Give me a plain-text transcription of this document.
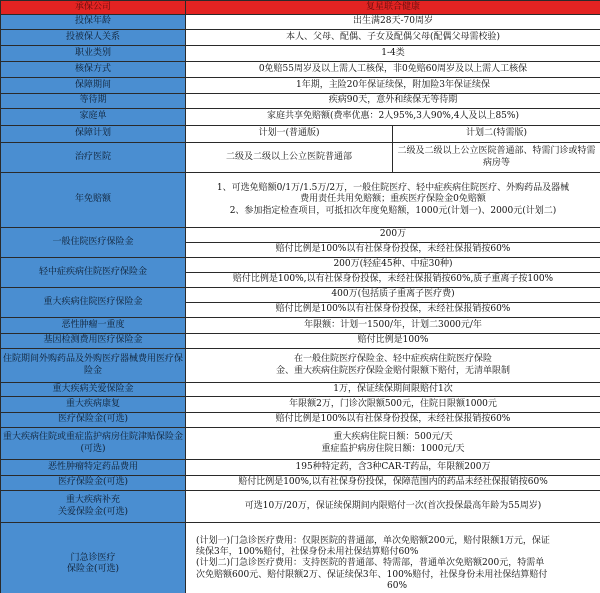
承保公司	复星联合健康	
投保年龄	出生满28天-70周岁	
投被保人关系	本人、父母、配偶、子女及配偶父母(配偶父母需校验)	
职业类别	1-4类	
核保方式	0免赔55周岁及以上需人工核保，非0免赔60周岁及以上需人工核保	
保障期间	1年期，主险20年保证续保，附加险3年保证续保	
等待期	疾病90天，意外和续保无等待期	
家庭单	家庭共享免赔额(费率优惠：2人95%,3人90%,4人及以上85%)	
保障计划	计划一(普通版)	计划二(特需版)
治疗医院	二级及二级以上公立医院普通部	二级及二级以上公立医院普通部、特需门诊或特需病房等
年免赔额	1、可选免赔额0/1万/1.5万/2万，一般住院医疗、轻中症疾病住院医疗、外购药品及器械
费用责任共用免赔额；重疾医疗保险金0免赔额
2、参加指定检查项目，可抵扣次年度免赔额，1000元(计划一)、2000元(计划二)	

一般住院医疗保险金	200万	
	赔付比例是100%以有社保身份投保，未经社保报销按60%	
轻中症疾病住院医疗保险金	200万(轻症45种、中症30种)	
	赔付比例是100%,以有社保身份投保，未经社保报销按60%,质子重离子按100%	
重大疾病住院医疗保险金	400万(包括质子重离子医疗费)	
	赔付比例是100%以有社保身份投保，未经社保报销按60%	
恶性肿瘤一重度	年限额：计划一1500/年，计划二3000元/年	
基因检测费用医疗保险金	赔付比例是100%	
住院期间外购药品及外购医疗器械费用医疗保险金	在一般住院医疗保险金、轻中症疾病住院医疗保险
金、重大疾病住院医疗保险金赔付限额下赔付，无清单限制	

重大疾病关爱保险金	1万，保证续保期间限赔付1次	
重大疾病康复	年限额2万，门诊次限额500元，住院日限额1000元	
医疗保险金(可选)	赔付比例是100%以有社保身份投保，未经社保报销按60%	
重大疾病住院或重症监护病房住院津贴保险金(可选)	重大疾病住院日额：500元/天
重症监护病房住院日额：1000元/天	

恶性肿瘤特定药品费用	195种特定药，含3种CAR-T药品，年限额200万	
医疗保险金(可选)	赔付比例是100%,以有社保身份投保，保障范围内的药品未经社保报销按60%	

重大疾病补充
关爱保险金(可选)	可选10万/20万，保证续保期间内限赔付一次(首次投保最高年龄为55周岁)	

门急诊医疗
保险金(可选)	(计划一)门急诊医疗费用：仅限医院的普通部，单次免赔额200元，赔付限额1万元，保证
续保3年，100%赔付，社保身份未用社保结算赔付60%
(计划二)门急诊医疗费用：支持医院的普通部、特需部，普通单次免赔额200元，特需单
次免赔额600元、赔付限额2万、保证续保3年、100%赔付，社保身份未用社保结算赔付
60%	
